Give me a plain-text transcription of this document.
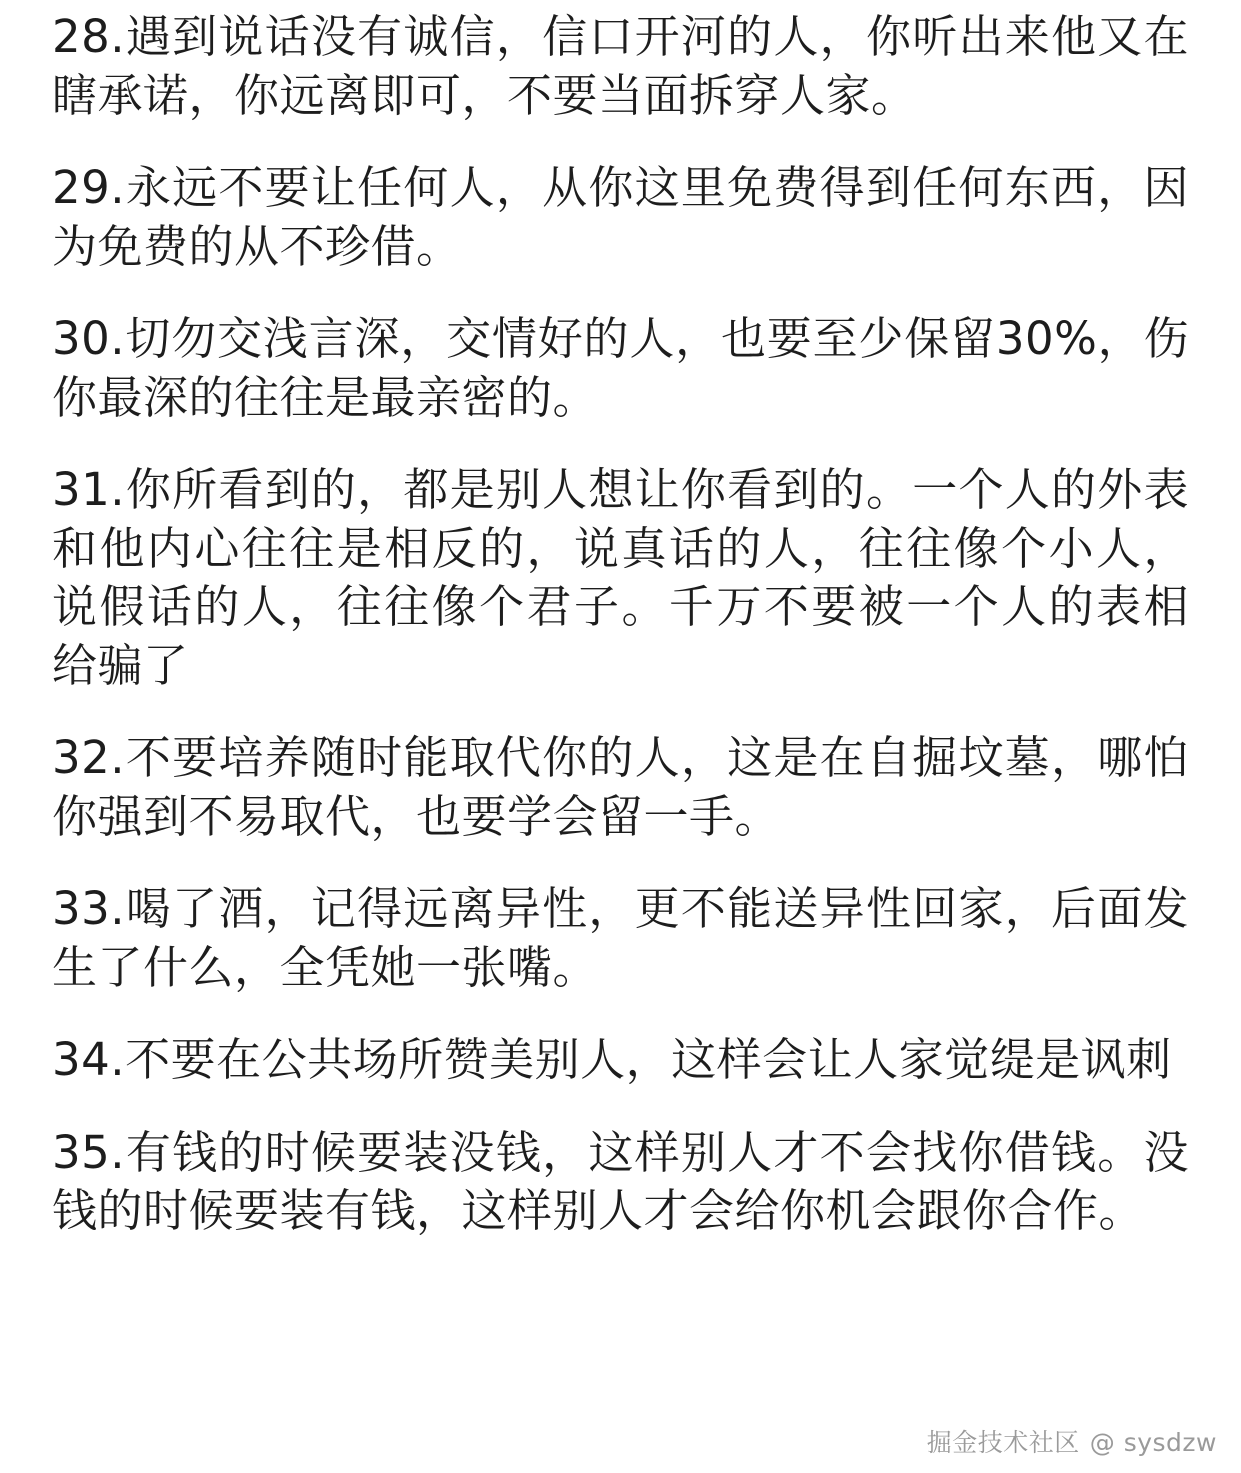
28.遇到说话没有诚信，信口开河的人，你听出来他又在瞎承诺，你远离即可，不要当面拆穿人家。

29.永远不要让任何人，从你这里免费得到任何东西，因为免费的从不珍借。

30.切勿交浅言深，交情好的人，也要至少保留30%，伤你最深的往往是最亲密的。

31.你所看到的，都是别人想让你看到的。一个人的外表和他内心往往是相反的，说真话的人，往往像个小人，说假话的人，往往像个君子。千万不要被一个人的表相给骗了

32.不要培养随时能取代你的人，这是在自掘坟墓，哪怕你强到不易取代，也要学会留一手。

33.喝了酒，记得远离异性，更不能送异性回家，后面发生了什么，全凭她一张嘴。

34.不要在公共场所赞美别人，这样会让人家觉缇是讽刺

35.有钱的时候要装没钱，这样别人才不会找你借钱。没钱的时候要装有钱，这样别人才会给你机会跟你合作。

掘金技术社区 @ sysdzw
